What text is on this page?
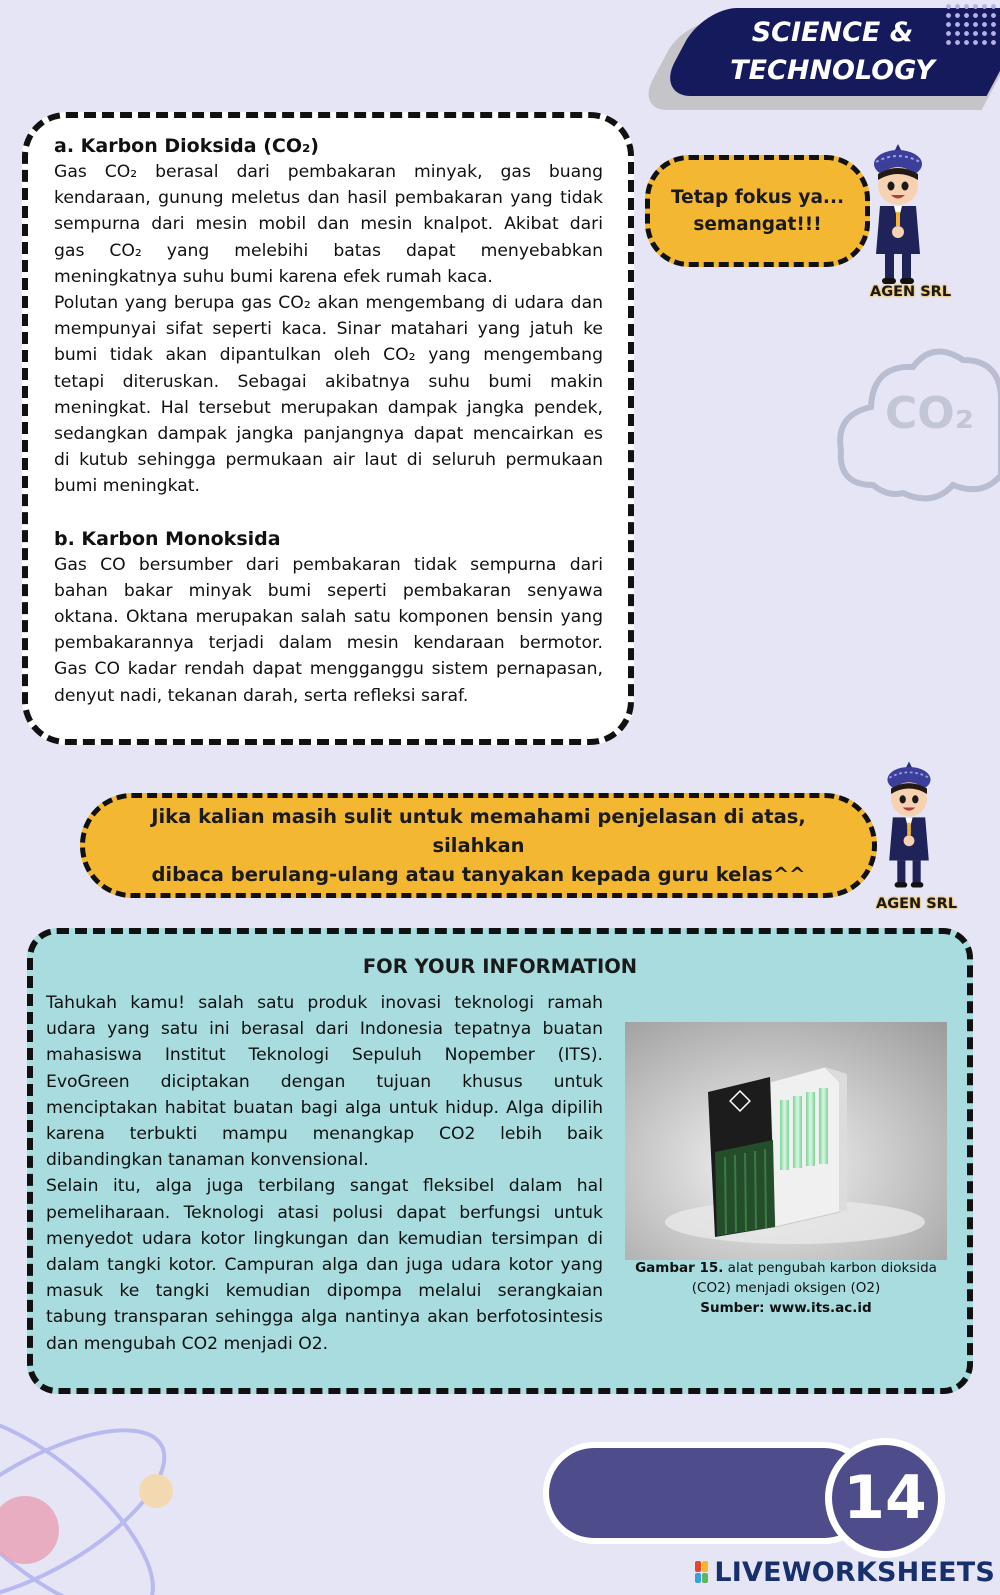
SCIENCE &
TECHNOLOGY
a. Karbon Dioksida (CO₂)
Gas CO₂ berasal dari pembakaran minyak, gas buang
kendaraan, gunung meletus dan hasil pembakaran yang tidak
sempurna dari mesin mobil dan mesin knalpot. Akibat dari
gas CO₂ yang melebihi batas dapat menyebabkan
meningkatnya suhu bumi karena efek rumah kaca.
Polutan yang berupa gas CO₂ akan mengembang di udara dan
mempunyai sifat seperti kaca. Sinar matahari yang jatuh ke
bumi tidak akan dipantulkan oleh CO₂ yang mengembang
tetapi diteruskan. Sebagai akibatnya suhu bumi makin
meningkat. Hal tersebut merupakan dampak jangka pendek,
sedangkan dampak jangka panjangnya dapat mencairkan es
di kutub sehingga permukaan air laut di seluruh permukaan
bumi meningkat.
b. Karbon Monoksida
Gas CO bersumber dari pembakaran tidak sempurna dari
bahan bakar minyak bumi seperti pembakaran senyawa
oktana. Oktana merupakan salah satu komponen bensin yang
pembakarannya terjadi dalam mesin kendaraan bermotor.
Gas CO kadar rendah dapat mengganggu sistem pernapasan,
denyut nadi, tekanan darah, serta refleksi saraf.
Tetap fokus ya...
semangat!!!
AGEN SRL
CO₂
Jika kalian masih sulit untuk memahami penjelasan di atas, silahkan
dibaca berulang-ulang atau tanyakan kepada guru kelas^^
AGEN SRL
FOR YOUR INFORMATION
Tahukah kamu! salah satu produk inovasi teknologi ramah
udara yang satu ini berasal dari Indonesia tepatnya buatan
mahasiswa Institut Teknologi Sepuluh Nopember (ITS).
EvoGreen diciptakan dengan tujuan khusus untuk
menciptakan habitat buatan bagi alga untuk hidup. Alga dipilih
karena terbukti mampu menangkap CO2 lebih baik
dibandingkan tanaman konvensional.
Selain itu, alga juga terbilang sangat fleksibel dalam hal
pemeliharaan. Teknologi atasi polusi dapat berfungsi untuk
menyedot udara kotor lingkungan dan kemudian tersimpan di
dalam tangki kotor. Campuran alga dan juga udara kotor yang
masuk ke tangki kemudian dipompa melalui serangkaian
tabung transparan sehingga alga nantinya akan berfotosintesis
dan mengubah CO2 menjadi O2.
Gambar 15. alat pengubah karbon dioksida
(CO2) menjadi oksigen (O2)
Sumber: www.its.ac.id
14
LIVEWORKSHEETS
